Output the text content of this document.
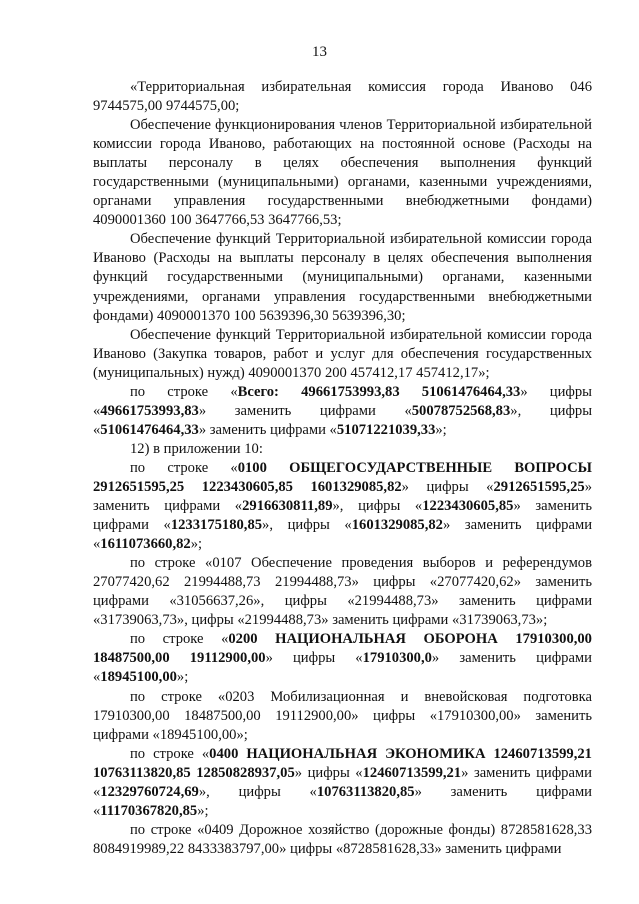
13

«Территориальная избирательная комиссия города Иваново 046 9744575,00 9744575,00;

Обеспечение функционирования членов Территориальной избирательной комиссии города Иваново, работающих на постоянной основе (Расходы на выплаты персоналу в целях обеспечения выполнения функций государственными (муниципальными) органами, казенными учреждениями, органами управления государственными внебюджетными фондами) 4090001360 100 3647766,53 3647766,53;

Обеспечение функций Территориальной избирательной комиссии города Иваново (Расходы на выплаты персоналу в целях обеспечения выполнения функций государственными (муниципальными) органами, казенными учреждениями, органами управления государственными внебюджетными фондами) 4090001370 100 5639396,30 5639396,30;

Обеспечение функций Территориальной избирательной комиссии города Иваново (Закупка товаров, работ и услуг для обеспечения государственных (муниципальных) нужд) 4090001370 200 457412,17 457412,17»;

по строке «Всего: 49661753993,83 51061476464,33» цифры «49661753993,83» заменить цифрами «50078752568,83», цифры «51061476464,33» заменить цифрами «51071221039,33»;

12) в приложении 10:

по строке «0100 ОБЩЕГОСУДАРСТВЕННЫЕ ВОПРОСЫ 2912651595,25 1223430605,85 1601329085,82» цифры «2912651595,25» заменить цифрами «2916630811,89», цифры «1223430605,85» заменить цифрами «1233175180,85», цифры «1601329085,82» заменить цифрами «1611073660,82»;

по строке «0107 Обеспечение проведения выборов и референдумов 27077420,62 21994488,73 21994488,73» цифры «27077420,62» заменить цифрами «31056637,26», цифры «21994488,73» заменить цифрами «31739063,73», цифры «21994488,73» заменить цифрами «31739063,73»;

по строке «0200 НАЦИОНАЛЬНАЯ ОБОРОНА 17910300,00 18487500,00 19112900,00» цифры «17910300,0» заменить цифрами «18945100,00»;

по строке «0203 Мобилизационная и вневойсковая подготовка 17910300,00 18487500,00 19112900,00» цифры «17910300,00» заменить цифрами «18945100,00»;

по строке «0400 НАЦИОНАЛЬНАЯ ЭКОНОМИКА 12460713599,21 10763113820,85 12850828937,05» цифры «12460713599,21» заменить цифрами «12329760724,69», цифры «10763113820,85» заменить цифрами «11170367820,85»;

по строке «0409 Дорожное хозяйство (дорожные фонды) 8728581628,33 8084919989,22 8433383797,00» цифры «8728581628,33» заменить цифрами
